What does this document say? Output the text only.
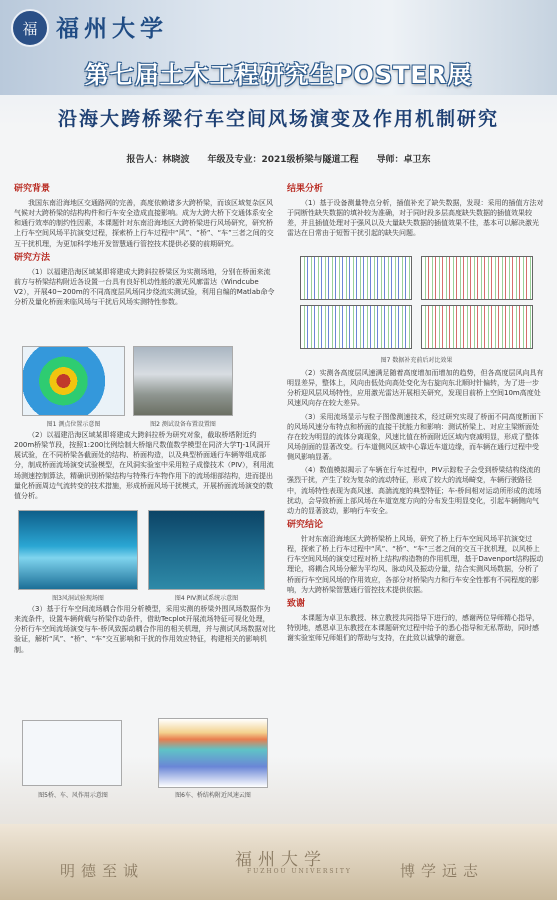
福 福州大学
第七届土木工程研究生POSTER展
沿海大跨桥梁行车空间风场演变及作用机制研究
报告人：林晓波　　年级及专业：2021级桥梁与隧道工程　　导师：卓卫东
研究背景

我国东南沿海地区交通路网的完善，高度依赖诸多大跨桥梁，而该区域复杂区风气候对大跨桥梁的结构构件和行车安全造成直接影响。成为大跨大桥下交通体系安全和通行效率的制约性因素，本课题针对东南沿海地区大跨桥梁进行风场研究，研究桥上行车空间风场平抗演变过程，探索桥上行车过程中“风”、“桥”、“车”三者之间的交互干扰机理，为更加科学地开发智慧通行管控技术提供必要的前期研究。

研究方法

（1）以福建沿海区域某即将建成大跨斜拉桥梁区为实测场地，分别在桥面来流前方与桥梁结构附近各设置一台具有良好机动性能的激光风廓雷达（Windcube V2），开展40~200m的不同高度层风场同步绕流实测试验，利用自编的Matlab命令分析及量化桥面来临风场与干扰后风场实测特性参数。

图1 测点位置示意图	图2 测试设备布置设置图

（2）以福建沿海区域某即将建成大跨斜拉桥为研究对象，截取桥塔附近约200m桥梁节段，按照1:200比例绘制大桥缩尺数值数学模型在同济大学TJ-1风洞开展试验，在不同桥梁各截面处的结构、桥面构造，以及典型桥面通行车辆等组成部分，制成桥面流场演变试验模型，在风洞实验室中采用粒子成像技术（PIV），利用流场测速控制算法，精确识别桥梁结构与特殊行车物作用下的流场细部结构，进而提出量化桥面周边气流转变的技术措施，形成桥面风场干扰模式，开展桥面流场演变的数值分析。

图3风洞试验现场图	图4 PIV测试系统示意图

（3）基于行车空间流场耦合作用分析模型，采用实测的桥梁外围风场数据作为来流条件，设置车辆荷载与桥梁作动条件，借助Tecplot开展流场特征可视化处理，分析行车空间流场演变与车-桥风致振动耦合作用的相关机理，并与测试风场数据对比验证，解析“风”、“桥”、“车”交互影响和干扰的作用效应特征，构建相关的影响机制。

图5桥、车、风作用示意图	图6车、桥结构附近风速云图
结果分析

（1）基于设备测量特点分析，插值补充了缺失数据，发现：采用的插值方法对于同断性缺失数据的填补较为准确，对于同时段多层高度缺失数据的插值效果较差，并且插值处理对于强风以及大量缺失数据的插值效果不佳，基本可以解决激光雷达在日常由于短暂干扰引起的缺失问题。

图7 数据补充前后对比效果

（2）实测各高度层风速满足随着高度增加而增加的趋势，但各高度层风向具有明显差异，整体上，风向由低处向高处变化为右旋向东北顺时针偏转，为了进一步分析迎风层风场特性，应用激光雷达开展相关研究，发现目前桥上空间10m高度处风速风向存在较大差异。

（3）采用流场显示与粒子图像测速技术，经过研究实现了桥面不同高度断面下的风场风速分布特点和桥面的直接干扰能力和影响：测试桥梁上、对应主梁断面处存在较为明显的流体分离现象，风速比值在桥面附近区域内衰减明显，形成了整体风场剖面的显著改变。行车道侧风区域中心靠近车道边缘，而车辆在通行过程中受侧风影响显著。

（4）数值模拟揭示了车辆在行车过程中，PIV示踪粒子会受到桥梁结构绕流的强烈干扰，产生了较为复杂的流动特征，形成了较大的流场畸变，车辆行驶路径中，流场特性表现为高风速、高湍流度的典型特征；车-桥间相对运动所形成的流场扰动，会导致桥面上部风场在车道宽度方向的分布发生明显变化，引起车辆侧向气动力的显著波动，影响行车安全。

研究结论

针对东南沿海地区大跨桥梁桥上风场，研究了桥上行车空间风场平抗演变过程，探索了桥上行车过程中“风”、“桥”、“车”三者之间的交互干扰机理，以风桥上行车空间风场的演变过程对桥上结构/构造物的作用机理，基于Davenport结构振动理论，将耦合风场分解为平均风、脉动风及振动分量，结合实测风场数据，分析了桥面行车空间风场的作用效应，各部分对桥梁内力和行车安全性都有不同程度的影响，为大跨桥梁智慧通行管控技术提供依据。

致谢

本课题为卓卫东教授、林立教授共同指导下进行的，感谢两位导师精心指导，特别地，感恩卓卫东教授在本课题研究过程中给予的悉心指导和无私帮助，同时感谢实验室师兄师姐们的帮助与支持，在此致以诚挚的谢意。

明德至诚
福州大学
FUZHOU UNIVERSITY	博学远志
